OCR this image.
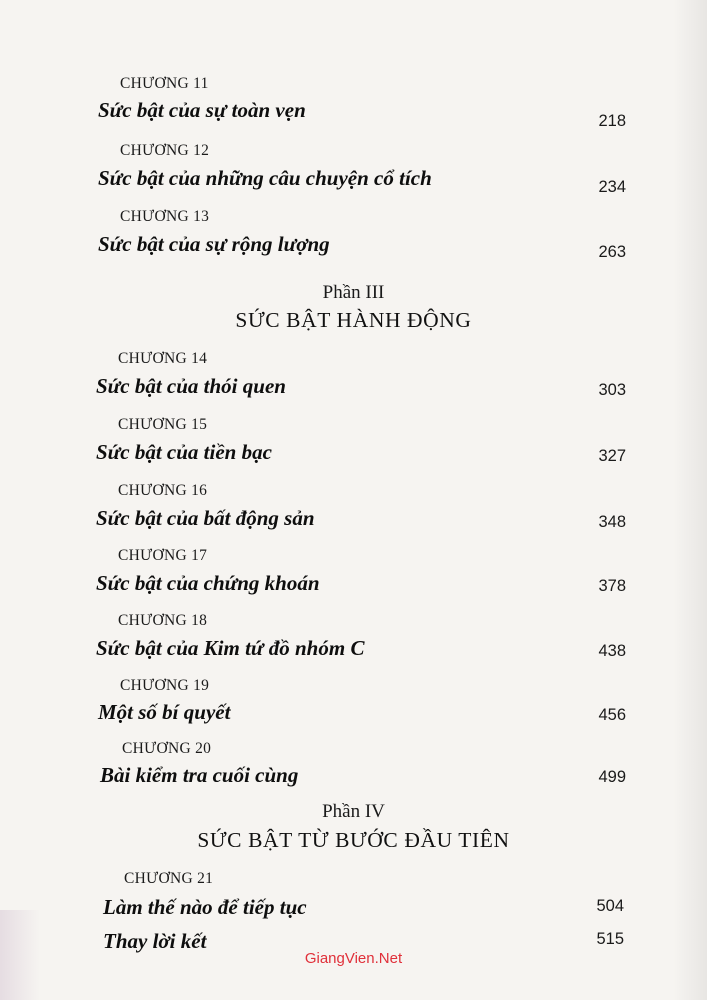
CHƯƠNG 11
Sức bật của sự toàn vẹn	218
CHƯƠNG 12
Sức bật của những câu chuyện cổ tích	234
CHƯƠNG 13
Sức bật của sự rộng lượng	263
Phần III
SỨC BẬT HÀNH ĐỘNG
CHƯƠNG 14
Sức bật của thói quen	303
CHƯƠNG 15
Sức bật của tiền bạc	327
CHƯƠNG 16
Sức bật của bất động sản	348
CHƯƠNG 17
Sức bật của chứng khoán	378
CHƯƠNG 18
Sức bật của Kim tứ đồ nhóm C	438
CHƯƠNG 19
Một số bí quyết	456
CHƯƠNG 20
Bài kiểm tra cuối cùng	499
Phần IV
SỨC BẬT TỪ BƯỚC ĐẦU TIÊN
CHƯƠNG 21
Làm thế nào để tiếp tục	504
Thay lời kết	515
GiangVien.Net
